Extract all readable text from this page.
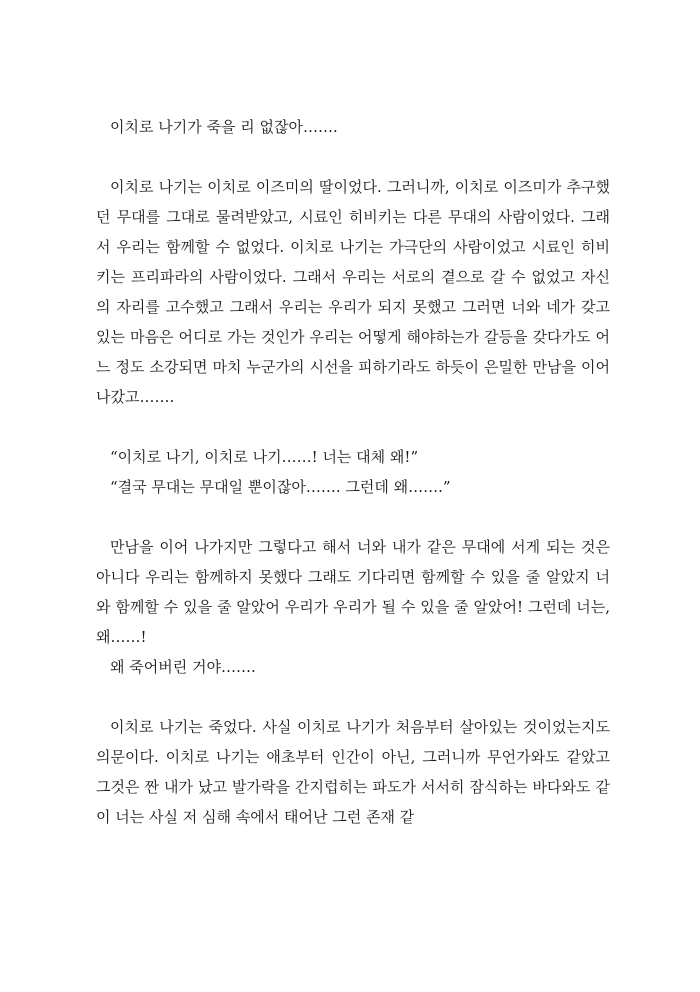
이치로 나기가 죽을 리 없잖아…….

이치로 나기는 이치로 이즈미의 딸이었다. 그러니까, 이치로 이즈미가 추구했던 무대를 그대로 물려받았고, 시료인 히비키는 다른 무대의 사람이었다. 그래서 우리는 함께할 수 없었다. 이치로 나기는 가극단의 사람이었고 시료인 히비키는 프리파라의 사람이었다. 그래서 우리는 서로의 곁으로 갈 수 없었고 자신의 자리를 고수했고 그래서 우리는 우리가 되지 못했고 그러면 너와 네가 갖고 있는 마음은 어디로 가는 것인가 우리는 어떻게 해야하는가 갈등을 갖다가도 어느 정도 소강되면 마치 누군가의 시선을 피하기라도 하듯이 은밀한 만남을 이어 나갔고…….

“이치로 나기, 이치로 나기……! 너는 대체 왜!”

“결국 무대는 무대일 뿐이잖아……. 그런데 왜…….”

만남을 이어 나가지만 그렇다고 해서 너와 내가 같은 무대에 서게 되는 것은 아니다 우리는 함께하지 못했다 그래도 기다리면 함께할 수 있을 줄 알았지 너와 함께할 수 있을 줄 알았어 우리가 우리가 될 수 있을 줄 알았어! 그런데 너는, 왜……!

왜 죽어버린 거야…….

이치로 나기는 죽었다. 사실 이치로 나기가 처음부터 살아있는 것이었는지도 의문이다. 이치로 나기는 애초부터 인간이 아닌, 그러니까 무언가와도 같았고 그것은 짠 내가 났고 발가락을 간지럽히는 파도가 서서히 잠식하는 바다와도 같이 너는 사실 저 심해 속에서 태어난 그런 존재 같
